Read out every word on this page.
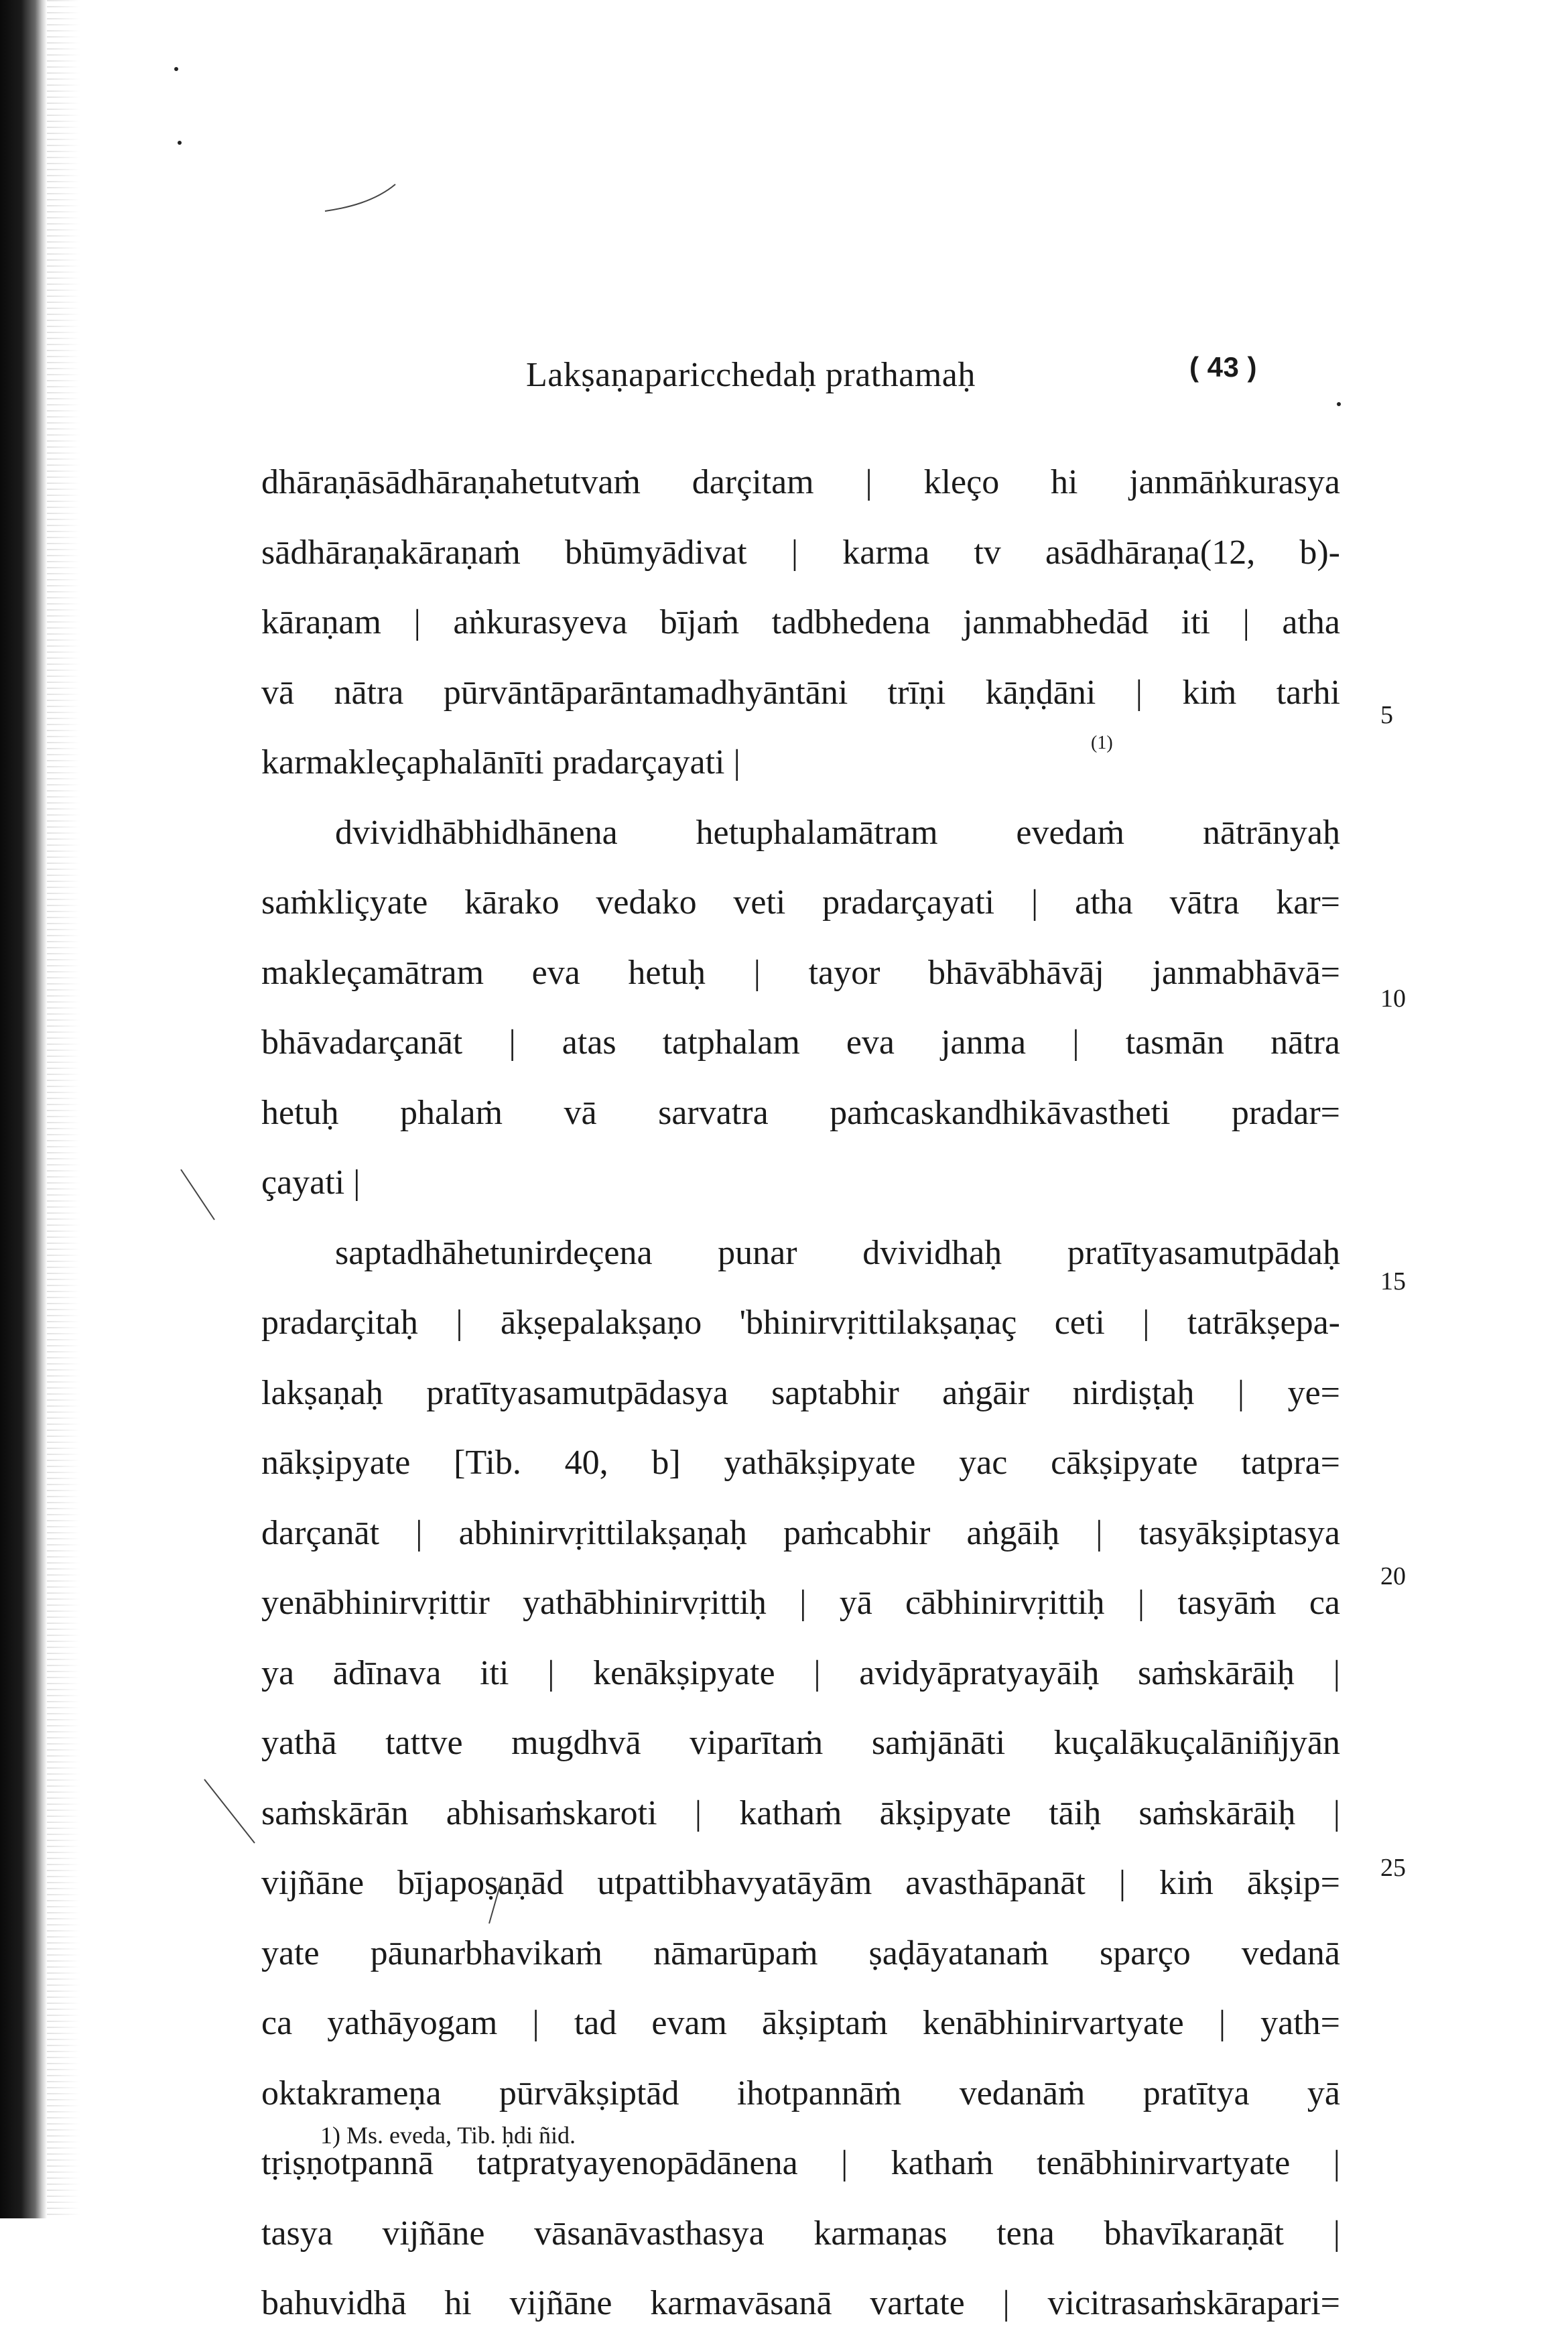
Lakṣaṇaparicchedaḥ prathamaḥ	( 43 )
dhāraṇāsādhāraṇahetutvaṁ darçitam | kleço hi janmāṅkurasya
sādhāraṇakāraṇaṁ bhūmyādivat | karma tv asādhāraṇa(12, b)-
kāraṇam | aṅkurasyeva bījaṁ tadbhedena janmabhedād iti | atha
vā nātra pūrvāntāparāntamadhyāntāni trīṇi kāṇḍāni | kiṁ tarhi
karmakleçaphalānīti pradarçayati |
dvividhābhidhānena hetuphalamātram evedaṁ nātrānyaḥ
saṁkliçyate kārako vedako veti pradarçayati | atha vātra kar=
makleçamātram eva hetuḥ | tayor bhāvābhāvāj janmabhāvā=
bhāvadarçanāt | atas tatphalam eva janma | tasmān nātra
hetuḥ phalaṁ vā sarvatra paṁcaskandhikāvastheti pradar=
çayati |
saptadhāhetunirdeçena punar dvividhaḥ pratītyasamutpādaḥ
pradarçitaḥ | ākṣepalakṣaṇo 'bhinirvṛittilakṣaṇaç ceti | tatrākṣepa-
lakṣaṇaḥ pratītyasamutpādasya saptabhir aṅgāir nirdiṣṭaḥ | ye=
nākṣipyate [Tib. 40, b] yathākṣipyate yac cākṣipyate tatpra=
darçanāt | abhinirvṛittilakṣaṇaḥ paṁcabhir aṅgāiḥ | tasyākṣiptasya
yenābhinirvṛittir yathābhinirvṛittiḥ | yā cābhinirvṛittiḥ | tasyāṁ ca
ya ādīnava iti | kenākṣipyate | avidyāpratyayāiḥ saṁskārāiḥ |
yathā tattve mugdhvā viparītaṁ saṁjānāti kuçalākuçalāniñjyān
saṁskārān abhisaṁskaroti | kathaṁ ākṣipyate tāiḥ saṁskārāiḥ |
vijñāne bījapoṣaṇād utpattibhavyatāyām avasthāpanāt | kiṁ ākṣip=
yate pāunarbhavikaṁ nāmarūpaṁ ṣaḍāyatanaṁ sparço vedanā
ca yathāyogam | tad evam ākṣiptaṁ kenābhinirvartyate | yath=
oktakrameṇa pūrvākṣiptād ihotpannāṁ vedanāṁ pratītya yā
tṛiṣṇotpannā tatpratyayenopādānena | kathaṁ tenābhinirvartyate |
tasya vijñāne vāsanāvasthasya karmaṇas tena bhavīkaraṇāt |
bahuvidhā hi vijñāne karmavāsanā vartate | vicitrasaṁskārapari=
(1)
5
10
15
20
25
1) Ms. eveda, Tib. ḥdi ñid.
